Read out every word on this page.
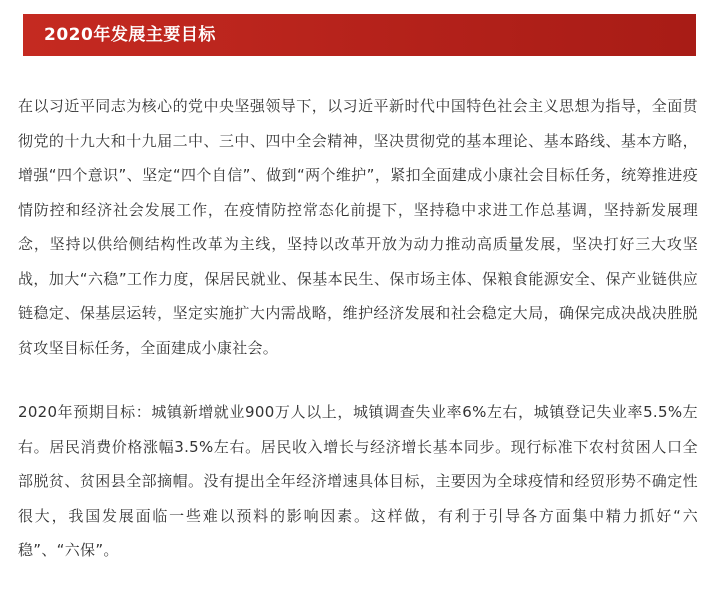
2020年发展主要目标

在以习近平同志为核心的党中央坚强领导下，以习近平新时代中国特色社会主义思想为指导，全面贯彻党的十九大和十九届二中、三中、四中全会精神，坚决贯彻党的基本理论、基本路线、基本方略，增强“四个意识”、坚定“四个自信”、做到“两个维护”，紧扣全面建成小康社会目标任务，统筹推进疫情防控和经济社会发展工作，在疫情防控常态化前提下，坚持稳中求进工作总基调，坚持新发展理念，坚持以供给侧结构性改革为主线，坚持以改革开放为动力推动高质量发展，坚决打好三大攻坚战，加大“六稳”工作力度，保居民就业、保基本民生、保市场主体、保粮食能源安全、保产业链供应链稳定、保基层运转，坚定实施扩大内需战略，维护经济发展和社会稳定大局，确保完成决战决胜脱贫攻坚目标任务，全面建成小康社会。

2020年预期目标：城镇新增就业900万人以上，城镇调查失业率6%左右，城镇登记失业率5.5%左右。居民消费价格涨幅3.5%左右。居民收入增长与经济增长基本同步。现行标准下农村贫困人口全部脱贫、贫困县全部摘帽。没有提出全年经济增速具体目标，主要因为全球疫情和经贸形势不确定性很大，我国发展面临一些难以预料的影响因素。这样做，有利于引导各方面集中精力抓好“六稳”、“六保”。
